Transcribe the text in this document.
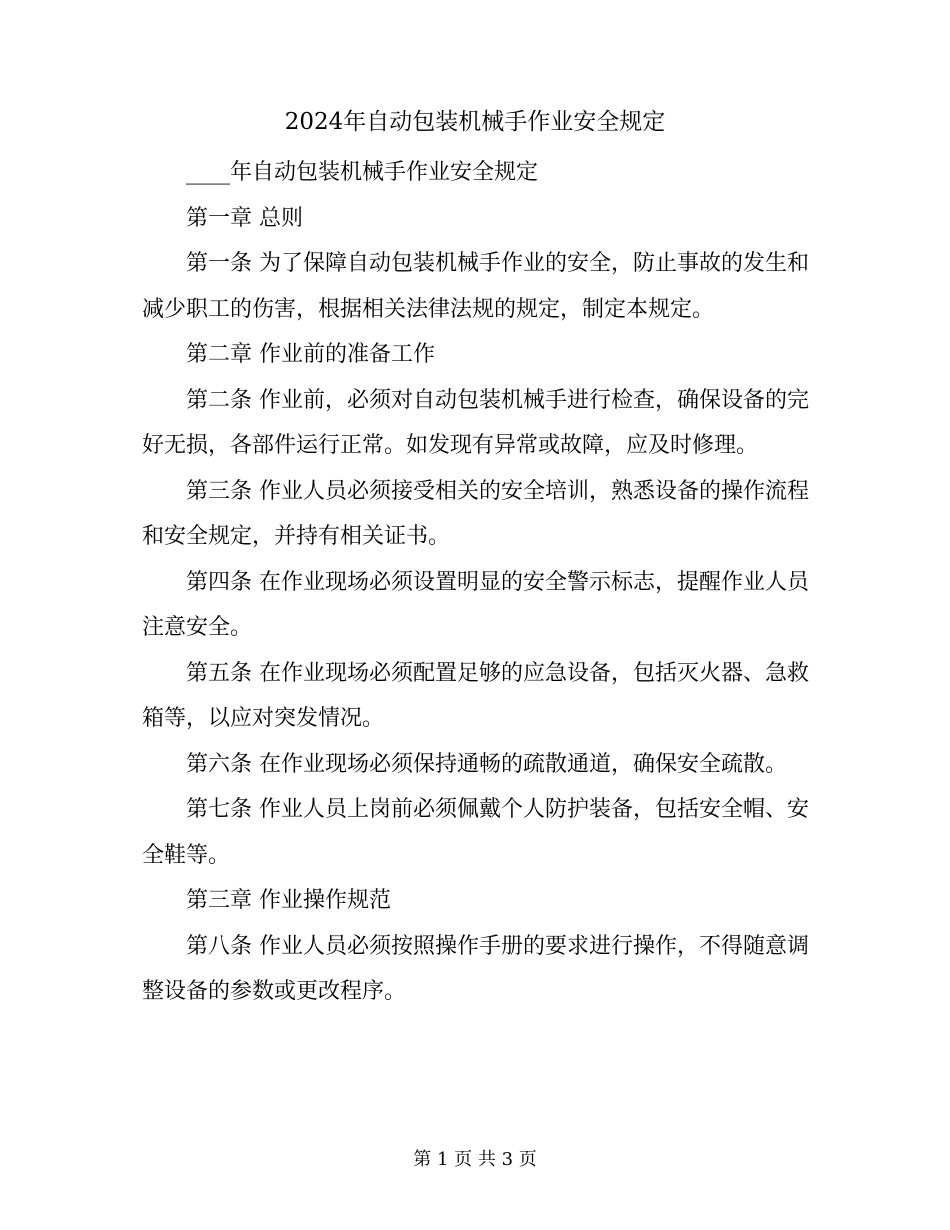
2024年自动包装机械手作业安全规定

____年自动包装机械手作业安全规定

第一章 总则

第一条 为了保障自动包装机械手作业的安全，防止事故的发生和减少职工的伤害，根据相关法律法规的规定，制定本规定。

第二章 作业前的准备工作

第二条 作业前，必须对自动包装机械手进行检查，确保设备的完好无损，各部件运行正常。如发现有异常或故障，应及时修理。

第三条 作业人员必须接受相关的安全培训，熟悉设备的操作流程和安全规定，并持有相关证书。

第四条 在作业现场必须设置明显的安全警示标志，提醒作业人员注意安全。

第五条 在作业现场必须配置足够的应急设备，包括灭火器、急救箱等，以应对突发情况。

第六条 在作业现场必须保持通畅的疏散通道，确保安全疏散。

第七条 作业人员上岗前必须佩戴个人防护装备，包括安全帽、安全鞋等。

第三章 作业操作规范

第八条 作业人员必须按照操作手册的要求进行操作，不得随意调整设备的参数或更改程序。

第 1 页 共 3 页
